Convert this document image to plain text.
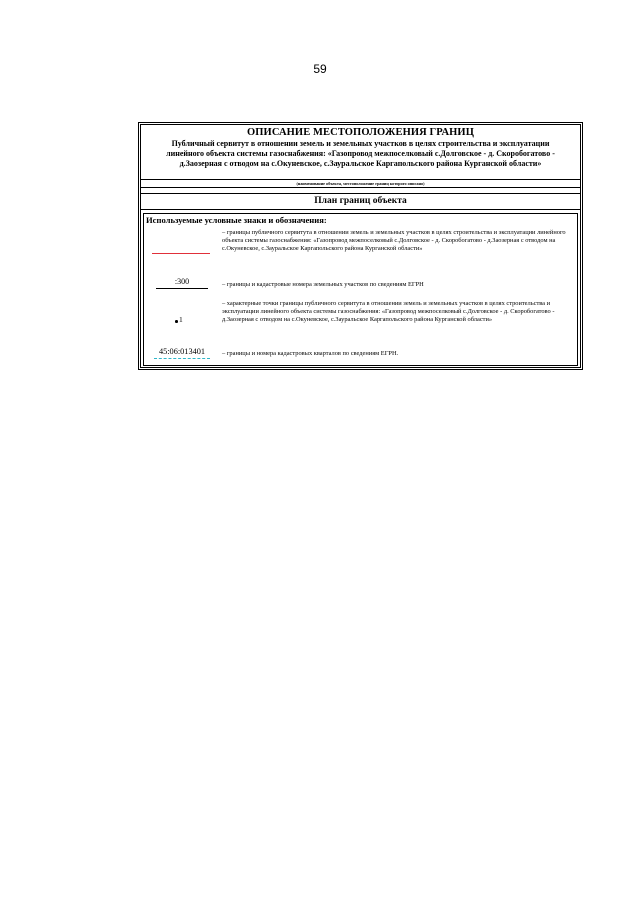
59
ОПИСАНИЕ МЕСТОПОЛОЖЕНИЯ ГРАНИЦ
Публичный сервитут в отношении земель и земельных участков в целях строительства и эксплуатации линейного объекта системы газоснабжения: «Газопровод межпоселковый с.Долговское - д. Скоробогатово - д.Заозерная с отводом на с.Окуневское, с.Зауральское Каргапольского района Курганской области»
(наименование объекта, местоположение границ которого описано)
План границ объекта
Используемые условные знаки и обозначения:
– границы публичного сервитута в отношении земель и земельных участков в целях строительства и эксплуатации линейного объекта системы газоснабжения: «Газопровод межпоселковый с.Долговское - д. Скоробогатово - д.Заозерная с отводом на с.Окуневское, с.Зауральское Каргапольского района Курганской области»
:300	– границы и кадастровые номера земельных участков по сведениям ЕГРН
1
– характерные точки границы публичного сервитута в отношении земель и земельных участков в целях строительства и эксплуатации линейного объекта системы газоснабжения: «Газопровод межпоселковый с.Долговское - д. Скоробогатово - д.Заозерная с отводом на с.Окуневское, с.Зауральское Каргапольского района Курганской области»
45:06:013401	– границы и номера кадастровых кварталов по сведениям ЕГРН.
